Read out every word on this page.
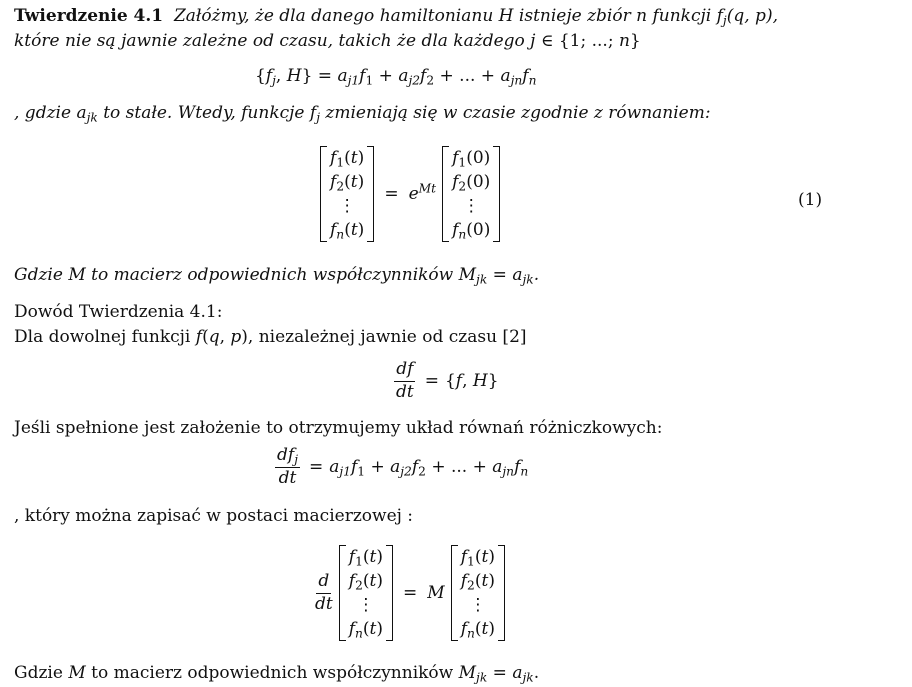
Twierdzenie 4.1  Załóżmy, że dla danego hamiltonianu H istnieje zbiór n funkcji $f_j(q$, p),
które nie są jawnie zależne od czasu, takich że dla każdego j ∈ {1; ...; n}
{$f_j$, $H\} = a_{j1}f_1 + a_{j2}f_2$ + ... + $a_{jn}f_n$
, gdzie $a_{jk}$ to stałe. Wtedy, funkcje $f_j$ zmieniają się w czasie zgodnie z równaniem:
$f_1(t)$
$f_2(t)$
⋮
$f_n(t)$
= $e^{Mt}$
$f_1(0)$
$f_2(0)$
⋮
$f_n(0)$
(1)
Gdzie M to macierz odpowiednich współczynników $M_{jk} = a_{jk}$.
Dowód Twierdzenia 4.1:
Dla dowolnej funkcji f(q, p), niezależnej jawnie od czasu [2]
$\frac{df}{dt} = \{f$, H}
Jeśli spełnione jest założenie to otrzymujemy układ równań różniczkowych:
$\frac{df_j}{dt} = a_{j1}f_1 + a_{j2}f_2$ + ... + $a_{jn}f_n$
, który można zapisać w postaci macierzowej :
$\frac{d}{dt}$
$f_1(t)$
$f_2(t)$
⋮
$f_n(t)$
= M
$f_1(t)$
$f_2(t)$
⋮
$f_n(t)$
Gdzie M to macierz odpowiednich współczynników $M_{jk} = a_{jk}$.
